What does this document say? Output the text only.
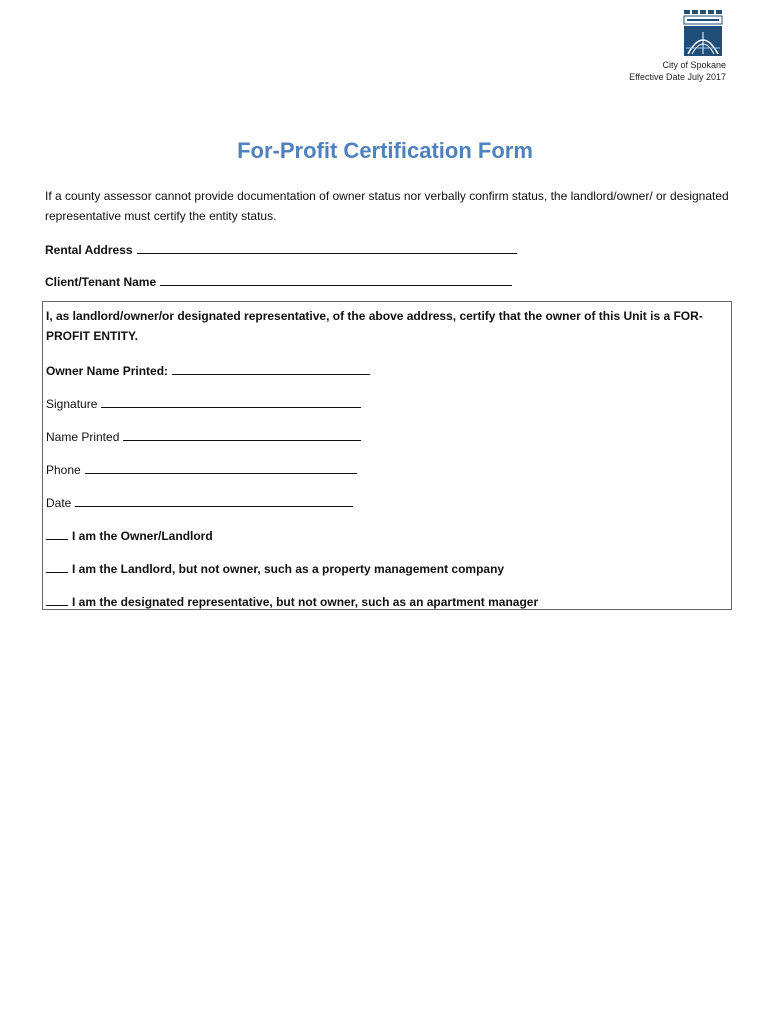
City of Spokane
Effective Date July 2017
For-Profit Certification Form

If a county assessor cannot provide documentation of owner status nor verbally confirm status, the landlord/owner/ or designated representative must certify the entity status.

Rental Address

Client/Tenant Name

I, as landlord/owner/or designated representative, of the above address, certify that the owner of this Unit is a FOR-PROFIT ENTITY.

Owner Name Printed:

Signature

Name Printed

Phone

Date

I am the Owner/Landlord

I am the Landlord, but not owner, such as a property management company

I am the designated representative, but not owner, such as an apartment manager
